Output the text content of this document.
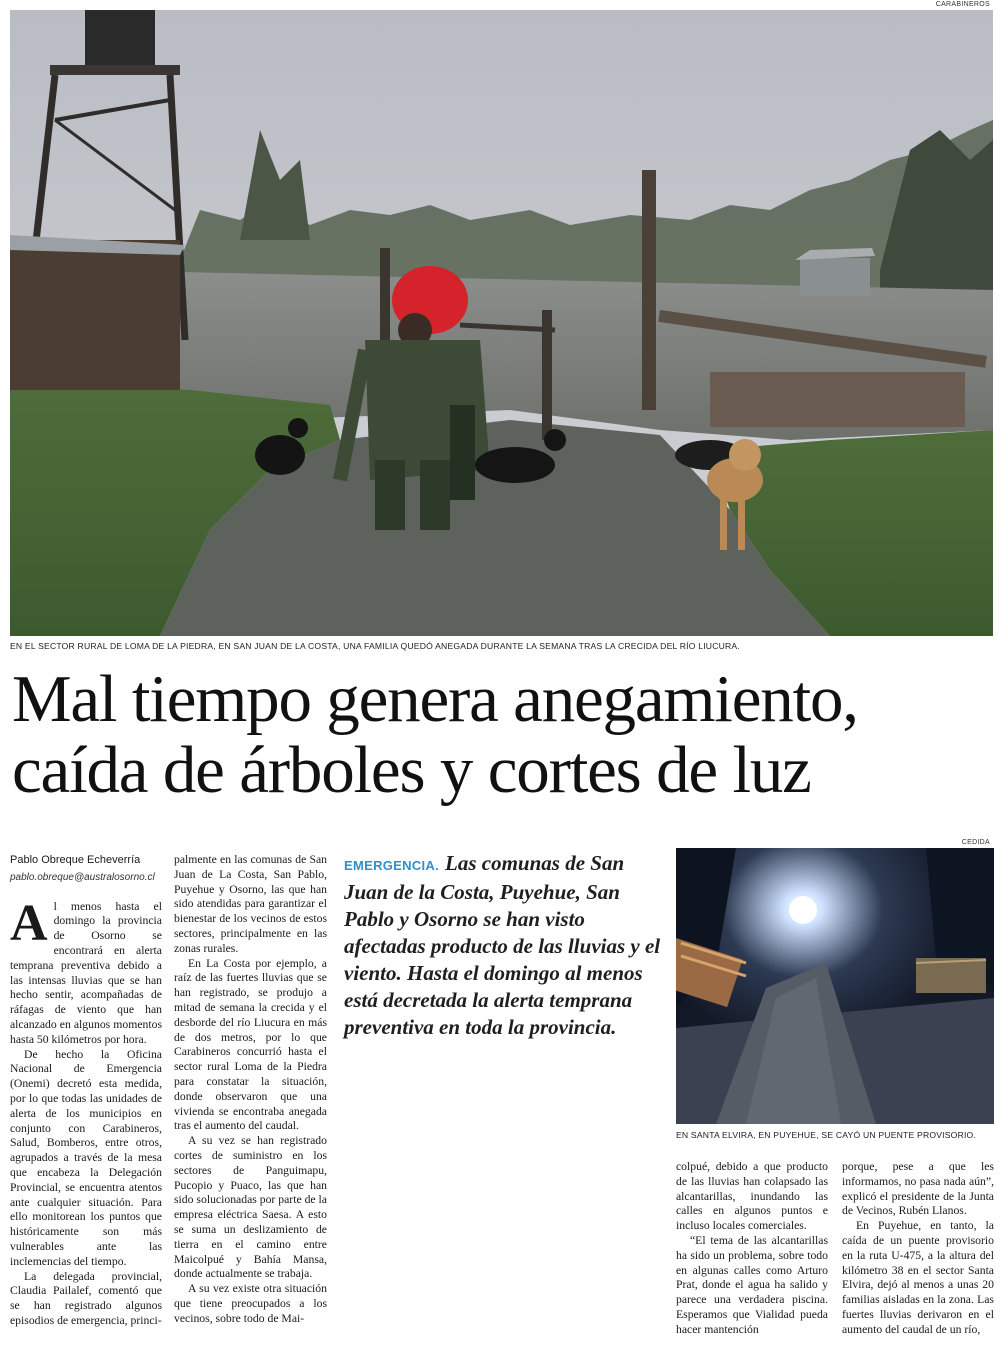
CARABINEROS
EN EL SECTOR RURAL DE LOMA DE LA PIEDRA, EN SAN JUAN DE LA COSTA, UNA FAMILIA QUEDÓ ANEGADA DURANTE LA SEMANA TRAS LA CRECIDA DEL RÍO LIUCURA.
Mal tiempo genera anegamiento,
caída de árboles y cortes de luz
Pablo Obreque Echeverría
pablo.obreque@australosorno.cl

Al menos hasta el domingo la provincia de Osorno se encontrará en alerta temprana preventiva debido a las intensas lluvias que se han hecho sentir, acompañadas de ráfagas de viento que han alcanzado en algunos momentos hasta 50 kilómetros por hora.

De hecho la Oficina Nacional de Emergencia (Onemi) decretó esta medida, por lo que todas las unidades de alerta de los municipios en conjunto con Carabineros, Salud, Bomberos, entre otros, agrupados a través de la mesa que encabeza la Delegación Provincial, se encuentra atentos ante cualquier situación. Para ello monitorean los puntos que históricamente son más vulnerables ante las inclemencias del tiempo.

La delegada provincial, Claudia Pailalef, comentó que se han registrado algunos episodios de emergencia, princi-

palmente en las comunas de San Juan de La Costa, San Pablo, Puyehue y Osorno, las que han sido atendidas para garantizar el bienestar de los vecinos de estos sectores, principalmente en las zonas rurales.

En La Costa por ejemplo, a raíz de las fuertes lluvias que se han registrado, se produjo a mitad de semana la crecida y el desborde del río Liucura en más de dos metros, por lo que Carabineros concurrió hasta el sector rural Loma de la Piedra para constatar la situación, donde observaron que una vivienda se encontraba anegada tras el aumento del caudal.

A su vez se han registrado cortes de suministro en los sectores de Panguimapu, Pucopio y Puaco, las que han sido solucionadas por parte de la empresa eléctrica Saesa. A esto se suma un deslizamiento de tierra en el camino entre Maicolpué y Bahía Mansa, donde actualmente se trabaja.

A su vez existe otra situación que tiene preocupados a los vecinos, sobre todo de Mai-

EMERGENCIA. Las comunas de San Juan de la Costa, Puyehue, San Pablo y Osorno se han visto afectadas producto de las lluvias y el viento. Hasta el domingo al menos está decretada la alerta temprana preventiva en toda la provincia.
CEDIDA
EN SANTA ELVIRA, EN PUYEHUE, SE CAYÓ UN PUENTE PROVISORIO.

colpué, debido a que producto de las lluvias han colapsado las alcantarillas, inundando las calles en algunos puntos e incluso locales comerciales.

“El tema de las alcantarillas ha sido un problema, sobre todo en algunas calles como Arturo Prat, donde el agua ha salido y parece una verdadera piscina. Esperamos que Vialidad pueda hacer mantención

porque, pese a que les informamos, no pasa nada aún”, explicó el presidente de la Junta de Vecinos, Rubén Llanos.

En Puyehue, en tanto, la caída de un puente provisorio en la ruta U-475, a la altura del kilómetro 38 en el sector Santa Elvira, dejó al menos a unas 20 familias aisladas en la zona. Las fuertes lluvias derivaron en el aumento del caudal de un río,
